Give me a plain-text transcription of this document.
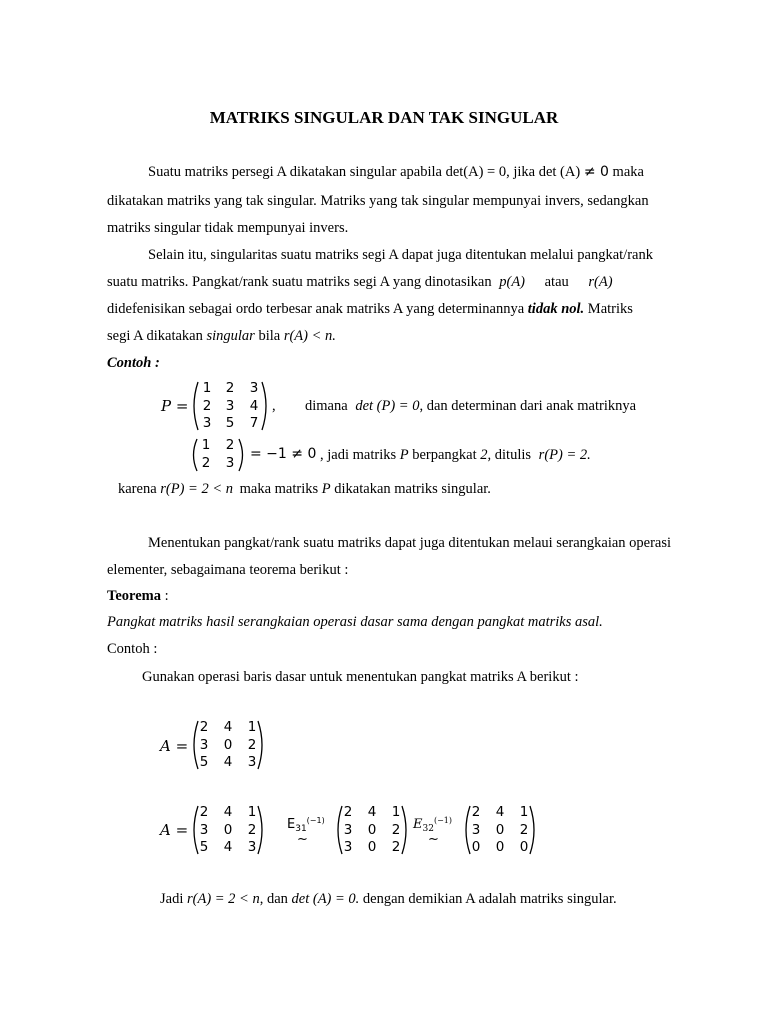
MATRIKS SINGULAR DAN TAK SINGULAR
Suatu matriks persegi A dikatakan singular apabila det(A) = 0, jika det (A) ≠ 0 maka
dikatakan matriks yang tak singular. Matriks yang tak singular mempunyai invers, sedangkan
matriks singular tidak mempunyai invers.
Selain itu, singularitas suatu matriks segi A dapat juga ditentukan melalui pangkat/rank
suatu matriks. Pangkat/rank suatu matriks segi A yang dinotasikan p(A) atau r(A)
didefenisikan sebagai ordo terbesar anak matriks A yang determinannya tidak nol. Matriks
segi A dikatakan singular bila r(A) < n.
Contoh :
P =
1 2 3
2 3 4
3 5 7
, dimana det (P) = 0, dan determinan dari anak matriknya
1 2
2 3
= −1 ≠ 0 , jadi matriks P berpangkat 2, ditulis r(P) = 2.
karena r(P) = 2 < n maka matriks P dikatakan matriks singular.
Menentukan pangkat/rank suatu matriks dapat juga ditentukan melaui serangkaian operasi
elementer, sebagaimana teorema berikut :
Teorema :
Pangkat matriks hasil serangkaian operasi dasar sama dengan pangkat matriks asal.
Contoh :
Gunakan operasi baris dasar untuk menentukan pangkat matriks A berikut :
A =
2 4 1
3 0 2
5 4 3
A =
2 4 1
3 0 2
5 4 3
$E_{31}^{(-1)}$
~
2 4 1
3 0 2
3 0 2
$E_{32}^{(-1)}$
~
2 4 1
3 0 2
0 0 0
Jadi r(A) = 2 < n, dan det (A) = 0. dengan demikian A adalah matriks singular.
